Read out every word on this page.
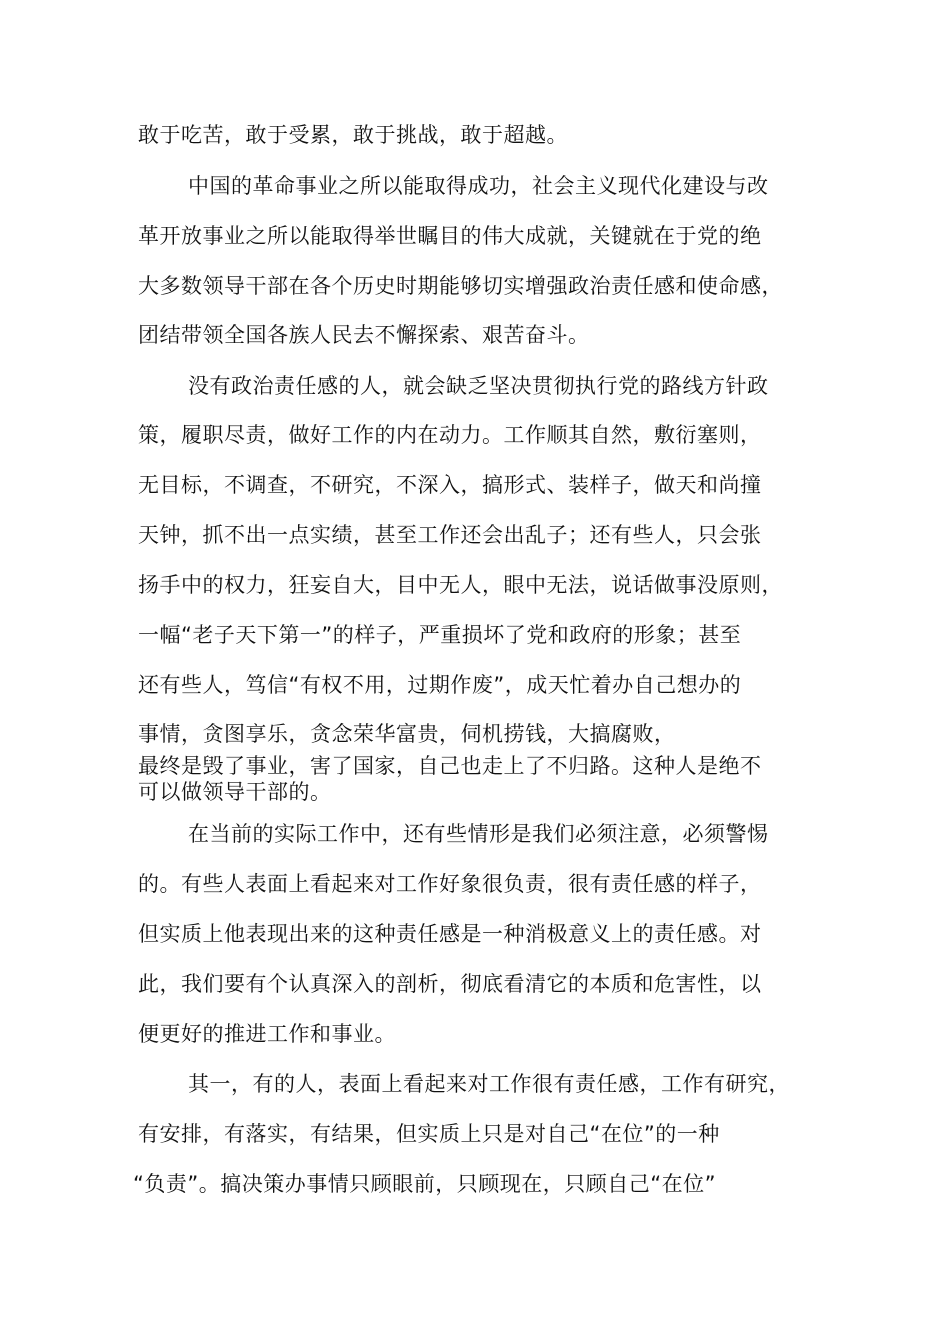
敢于吃苦，敢于受累，敢于挑战，敢于超越。
中国的革命事业之所以能取得成功，社会主义现代化建设与改
革开放事业之所以能取得举世瞩目的伟大成就，关键就在于党的绝
大多数领导干部在各个历史时期能够切实增强政治责任感和使命感，
团结带领全国各族人民去不懈探索、艰苦奋斗。
没有政治责任感的人，就会缺乏坚决贯彻执行党的路线方针政
策，履职尽责，做好工作的内在动力。工作顺其自然，敷衍塞则，
无目标，不调查，不研究，不深入，搞形式、装样子，做天和尚撞
天钟，抓不出一点实绩，甚至工作还会出乱子；还有些人，只会张
扬手中的权力，狂妄自大，目中无人，眼中无法，说话做事没原则，
一幅“老子天下第一”的样子，严重损坏了党和政府的形象；甚至
还有些人，笃信“有权不用，过期作废”，成天忙着办自己想办的
事情，贪图享乐，贪念荣华富贵，伺机捞钱，大搞腐败，
最终是毁了事业，害了国家，自己也走上了不归路。这种人是绝不
可以做领导干部的。
在当前的实际工作中，还有些情形是我们必须注意，必须警惕
的。有些人表面上看起来对工作好象很负责，很有责任感的样子，
但实质上他表现出来的这种责任感是一种消极意义上的责任感。对
此，我们要有个认真深入的剖析，彻底看清它的本质和危害性，以
便更好的推进工作和事业。
其一，有的人，表面上看起来对工作很有责任感，工作有研究，
有安排，有落实，有结果，但实质上只是对自己“在位”的一种
“负责”。搞决策办事情只顾眼前，只顾现在，只顾自己“在位”
